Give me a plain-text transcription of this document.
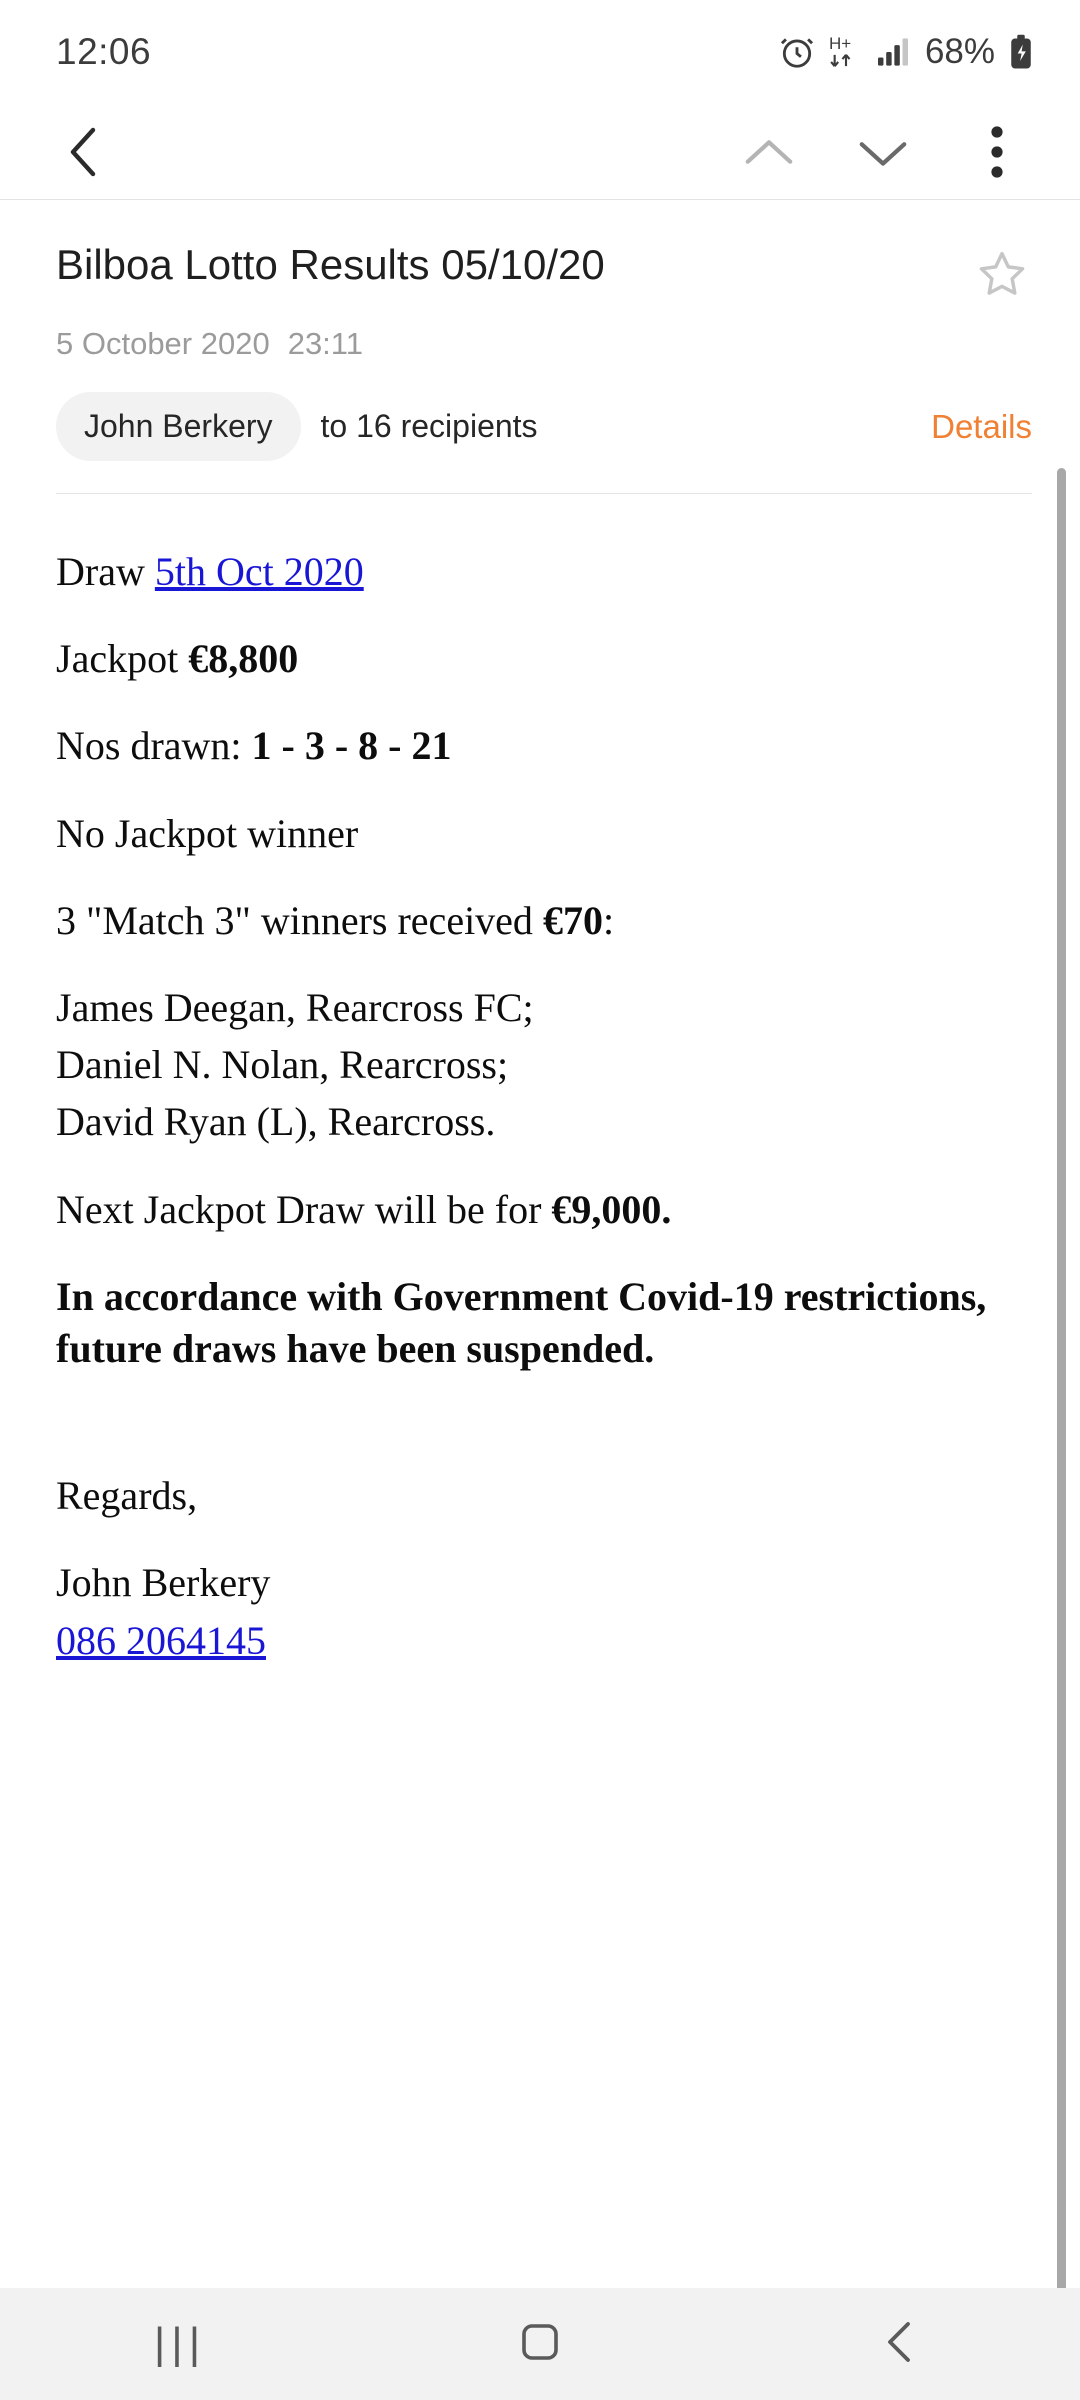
12:06	H+ 68%
Bilboa Lotto Results 05/10/20
5 October 2020 23:11
John Berkery	to 16 recipients	Details

Draw 5th Oct 2020

Jackpot €8,800

Nos drawn: 1 - 3 - 8 - 21

No Jackpot winner

3 "Match 3" winners received €70:

James Deegan, Rearcross FC;

Daniel N. Nolan, Rearcross;

David Ryan (L), Rearcross.

Next Jackpot Draw will be for €9,000.

In accordance with Government Covid-19 restrictions, future draws have been suspended.

Regards,

John Berkery

086 2064145

|||
